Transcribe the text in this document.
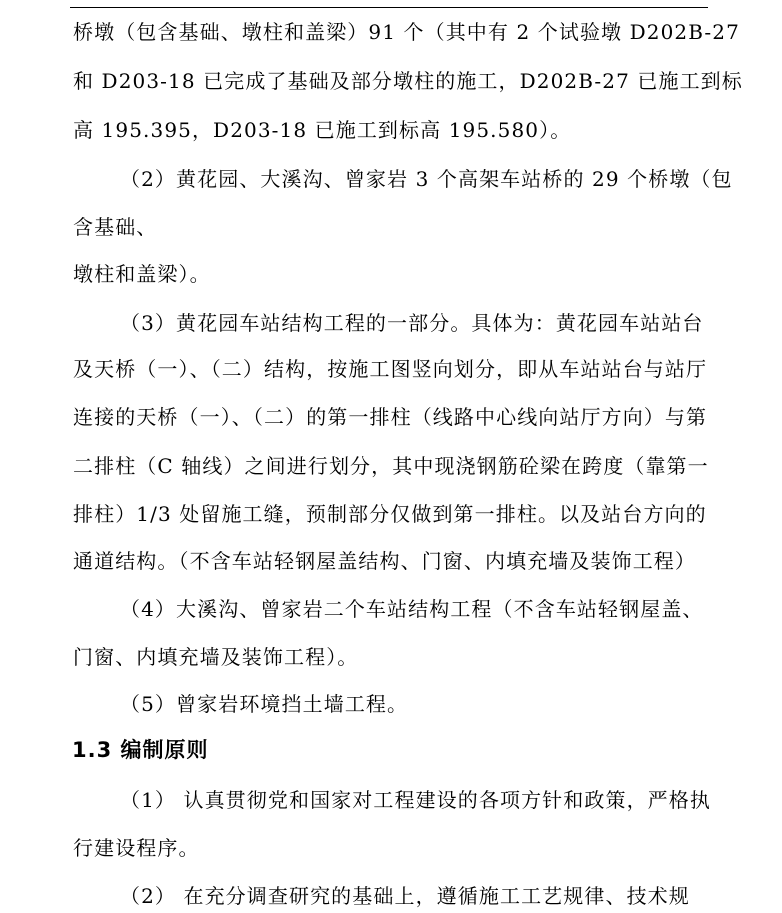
桥墩（包含基础、墩柱和盖梁）91 个（其中有 2 个试验墩 D202B-27
和 D203-18 已完成了基础及部分墩柱的施工，D202B-27 已施工到标
高 195.395，D203-18 已施工到标高 195.580）。
（2）黄花园、大溪沟、曾家岩 3 个高架车站桥的 29 个桥墩（包
含基础、
墩柱和盖梁）。
（3）黄花园车站结构工程的一部分。具体为：黄花园车站站台
及天桥（一）、（二）结构，按施工图竖向划分，即从车站站台与站厅
连接的天桥（一）、（二）的第一排柱（线路中心线向站厅方向）与第
二排柱（C 轴线）之间进行划分，其中现浇钢筋砼梁在跨度（靠第一
排柱）1/3 处留施工缝，预制部分仅做到第一排柱。以及站台方向的
通道结构。（不含车站轻钢屋盖结构、门窗、内填充墙及装饰工程）
（4）大溪沟、曾家岩二个车站结构工程（不含车站轻钢屋盖、
门窗、内填充墙及装饰工程）。
（5）曾家岩环境挡土墙工程。
1.3 编制原则
（1） 认真贯彻党和国家对工程建设的各项方针和政策，严格执
行建设程序。
（2） 在充分调查研究的基础上，遵循施工工艺规律、技术规
